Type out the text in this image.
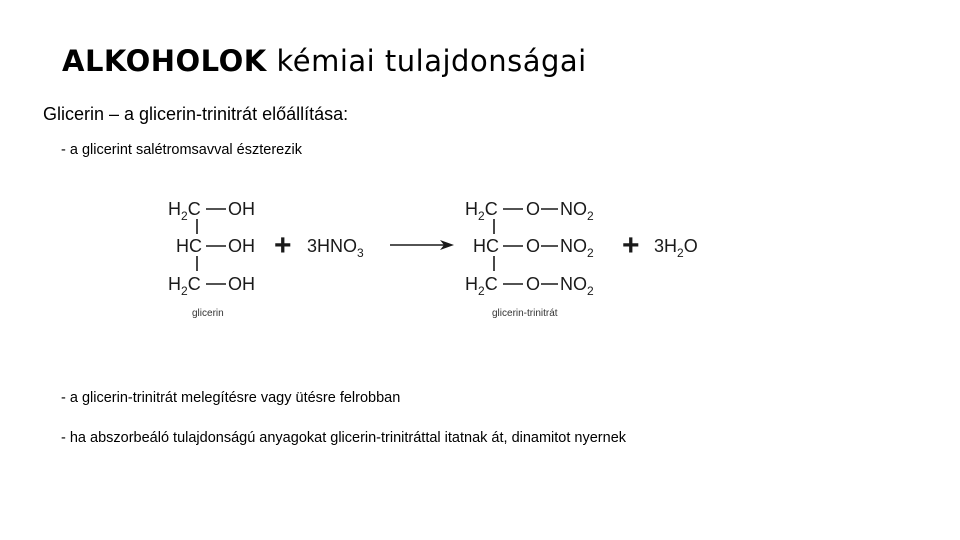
ALKOHOLOK kémiai tulajdonságai
Glicerin – a glicerin-trinitrát előállítása:
- a glicerint salétromsavval észterezik
$H_2C$ OH
HC OH
$H_2C$ OH
+ $3HNO_3$
$H_2C$ O $NO_2$
HC O $NO_2$
$H_2C$ O $NO_2$
+ $3H_2O$
glicerin	glicerin-trinitrát
- a glicerin-trinitrát melegítésre vagy ütésre felrobban
- ha abszorbeáló tulajdonságú anyagokat glicerin-trinitráttal itatnak át, dinamitot nyernek
